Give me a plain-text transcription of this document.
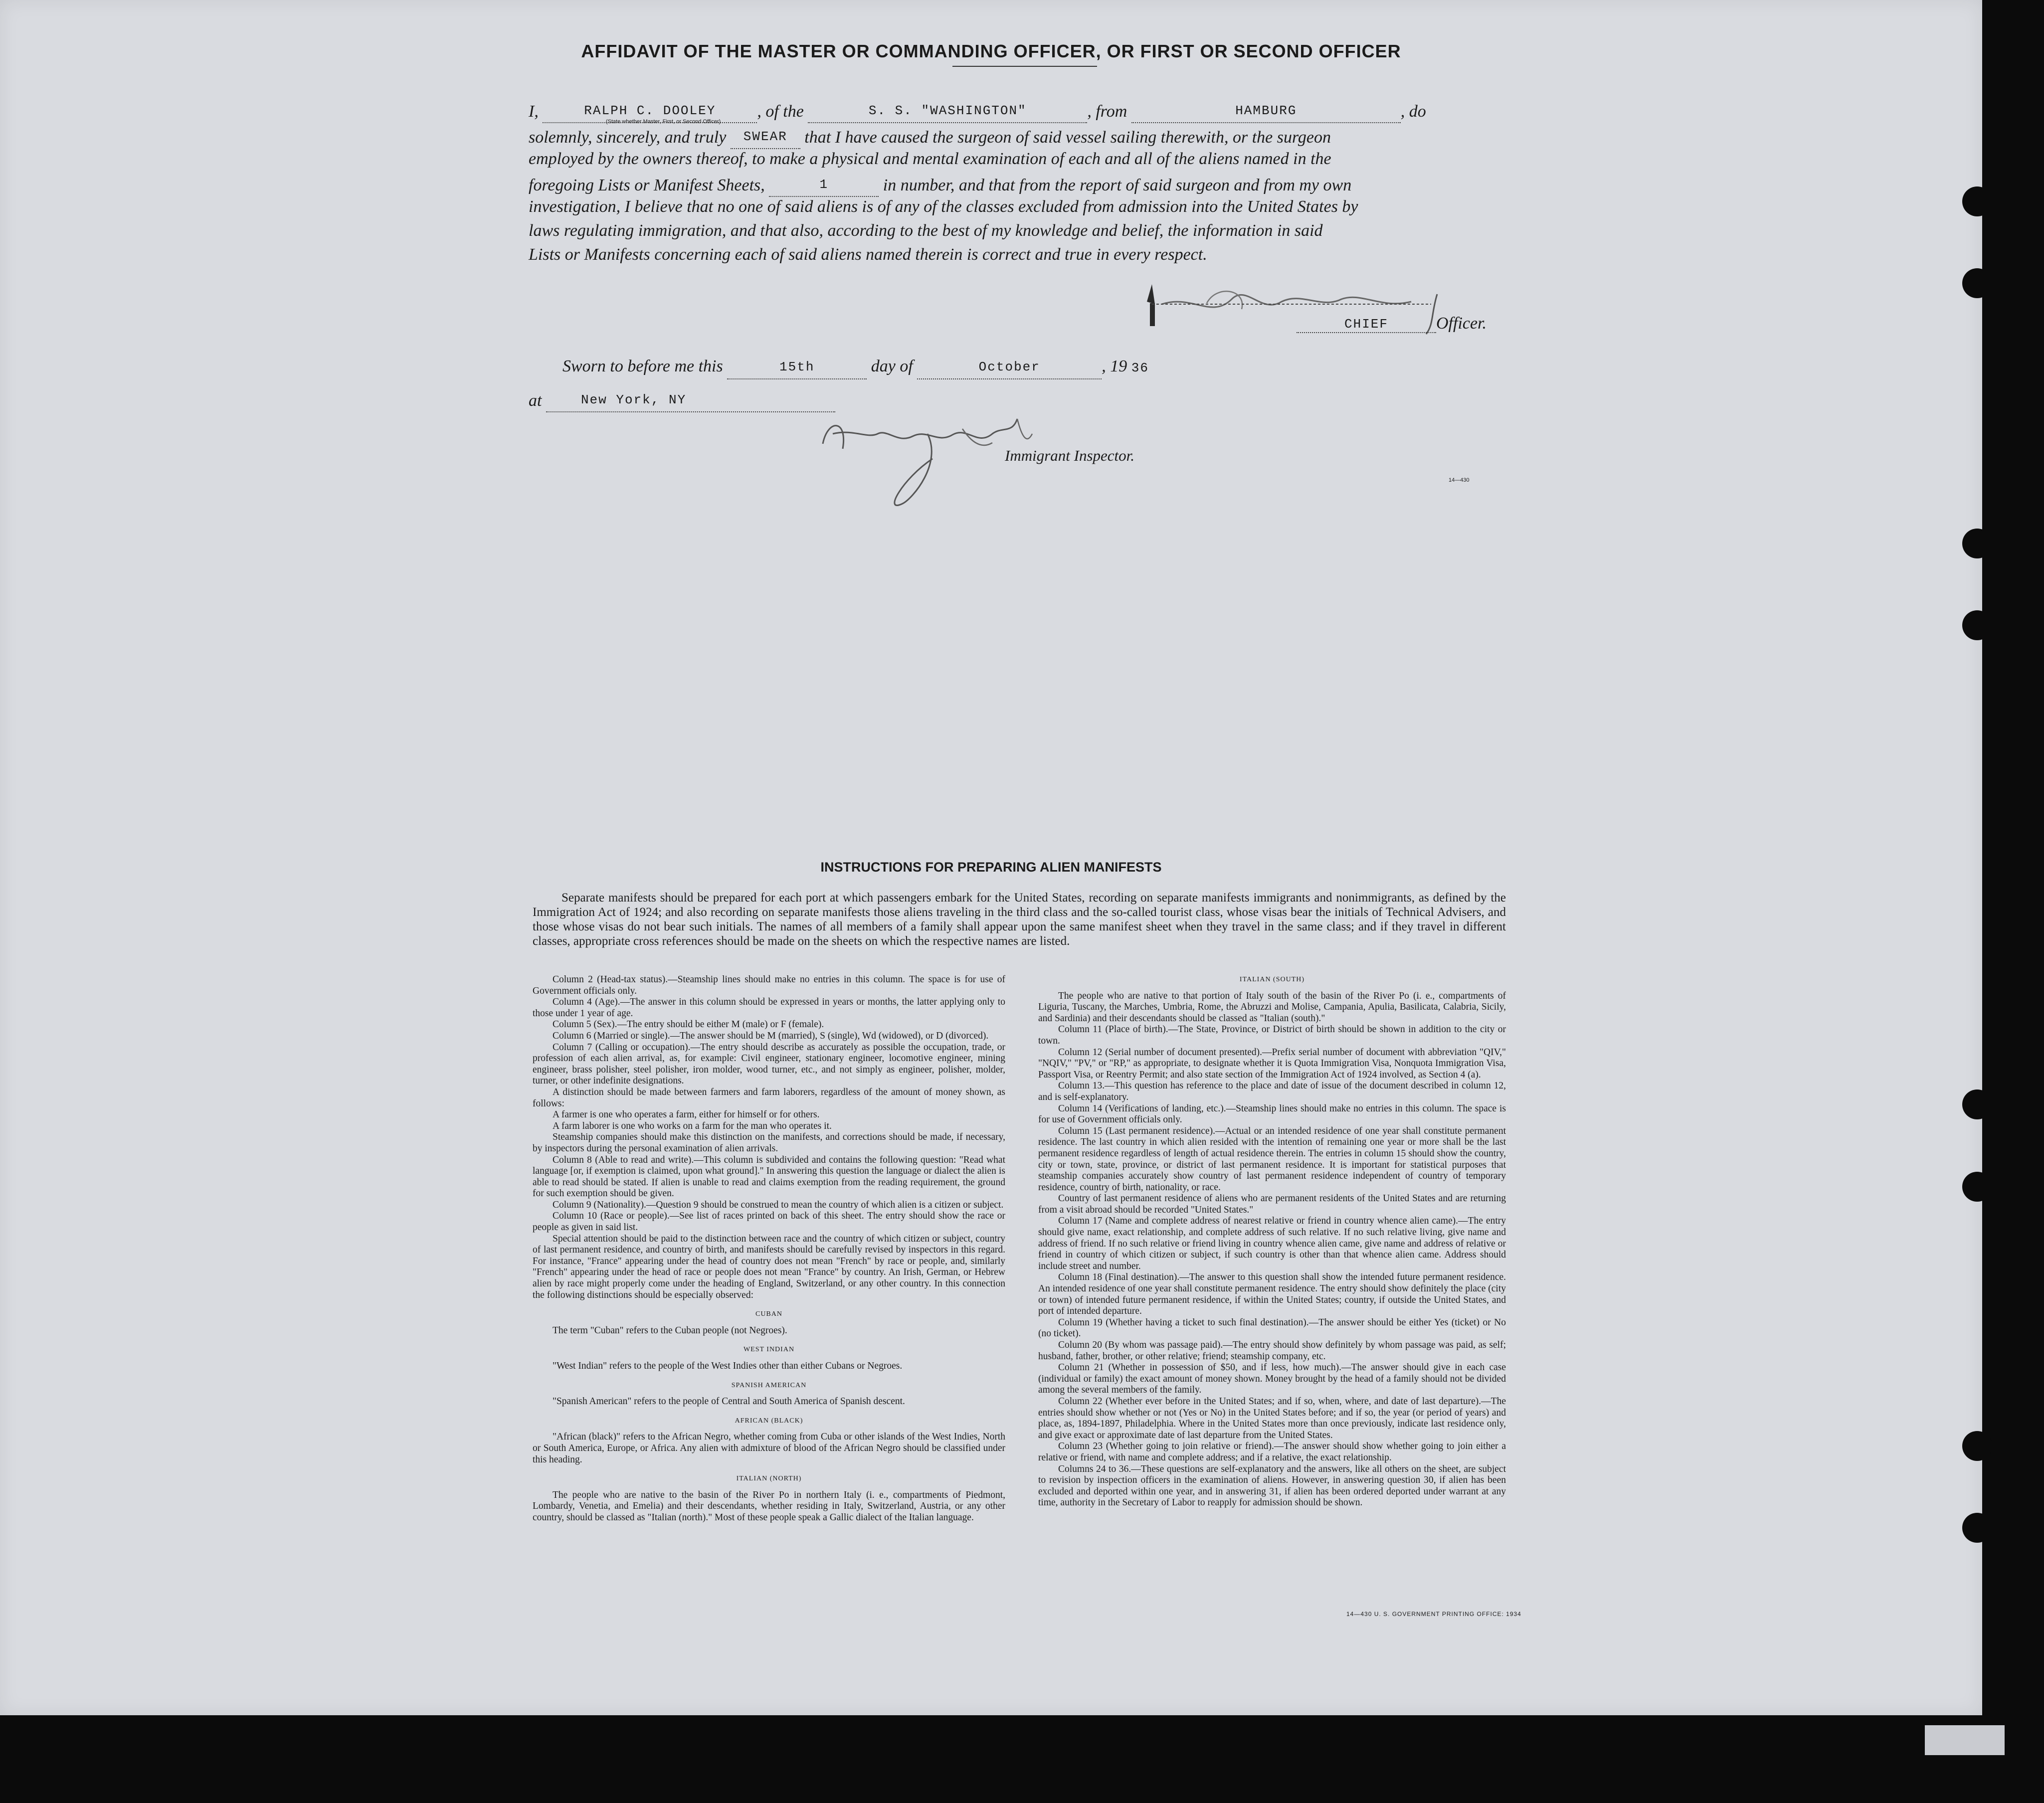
AFFIDAVIT OF THE MASTER OR COMMANDING OFFICER, OR FIRST OR SECOND OFFICER
I,	RALPH C. DOOLEY , of the	S. S. "WASHINGTON"	, from	HAMBURG	, do
(State whether Master, First, or Second Officer)
solemnly, sincerely, and truly SWEAR that I have caused the surgeon of said vessel sailing therewith, or the surgeon
employed by the owners thereof, to make a physical and mental examination of each and all of the aliens named in the
foregoing Lists or Manifest Sheets,	1	in number, and that from the report of said surgeon and from my own
investigation, I believe that no one of said aliens is of any of the classes excluded from admission into the United States by
laws regulating immigration, and that also, according to the best of my knowledge and belief, the information in said
Lists or Manifests concerning each of said aliens named therein is correct and true in every respect.
CHIEF	Officer.
Sworn to before me this	15th	day of	October	, 19 36
at	New York, NY
Immigrant Inspector.
14—430
INSTRUCTIONS FOR PREPARING ALIEN MANIFESTS
Separate manifests should be prepared for each port at which passengers embark for the United States, recording on separate manifests immigrants and nonimmigrants, as defined by the Immigration Act of 1924; and also recording on separate manifests those aliens traveling in the third class and the so-called tourist class, whose visas bear the initials of Technical Advisers, and those whose visas do not bear such initials. The names of all members of a family shall appear upon the same manifest sheet when they travel in the same class; and if they travel in different classes, appropriate cross references should be made on the sheets on which the respective names are listed.

Column 2 (Head-tax status).—Steamship lines should make no entries in this column. The space is for use of Government officials only.

Column 4 (Age).—The answer in this column should be expressed in years or months, the latter applying only to those under 1 year of age.

Column 5 (Sex).—The entry should be either M (male) or F (female).

Column 6 (Married or single).—The answer should be M (married), S (single), Wd (widowed), or D (divorced).

Column 7 (Calling or occupation).—The entry should describe as accurately as possible the occupation, trade, or profession of each alien arrival, as, for example: Civil engineer, stationary engineer, locomotive engineer, mining engineer, brass polisher, steel polisher, iron molder, wood turner, etc., and not simply as engineer, polisher, molder, turner, or other indefinite designations.

A distinction should be made between farmers and farm laborers, regardless of the amount of money shown, as follows:

A farmer is one who operates a farm, either for himself or for others.

A farm laborer is one who works on a farm for the man who operates it.

Steamship companies should make this distinction on the manifests, and corrections should be made, if necessary, by inspectors during the personal examination of alien arrivals.

Column 8 (Able to read and write).—This column is subdivided and contains the following question: "Read what language [or, if exemption is claimed, upon what ground]." In answering this question the language or dialect the alien is able to read should be stated. If alien is unable to read and claims exemption from the reading requirement, the ground for such exemption should be given.

Column 9 (Nationality).—Question 9 should be construed to mean the country of which alien is a citizen or subject.

Column 10 (Race or people).—See list of races printed on back of this sheet. The entry should show the race or people as given in said list.

Special attention should be paid to the distinction between race and the country of which citizen or subject, country of last permanent residence, and country of birth, and manifests should be carefully revised by inspectors in this regard. For instance, "France" appearing under the head of country does not mean "French" by race or people, and, similarly "French" appearing under the head of race or people does not mean "France" by country. An Irish, German, or Hebrew alien by race might properly come under the heading of England, Switzerland, or any other country. In this connection the following distinctions should be especially observed:

CUBAN

The term "Cuban" refers to the Cuban people (not Negroes).

WEST INDIAN

"West Indian" refers to the people of the West Indies other than either Cubans or Negroes.

SPANISH AMERICAN

"Spanish American" refers to the people of Central and South America of Spanish descent.

AFRICAN (BLACK)

"African (black)" refers to the African Negro, whether coming from Cuba or other islands of the West Indies, North or South America, Europe, or Africa. Any alien with admixture of blood of the African Negro should be classified under this heading.

ITALIAN (NORTH)

The people who are native to the basin of the River Po in northern Italy (i. e., compartments of Piedmont, Lombardy, Venetia, and Emelia) and their descendants, whether residing in Italy, Switzerland, Austria, or any other country, should be classed as "Italian (north)." Most of these people speak a Gallic dialect of the Italian language.

ITALIAN (SOUTH)

The people who are native to that portion of Italy south of the basin of the River Po (i. e., compartments of Liguria, Tuscany, the Marches, Umbria, Rome, the Abruzzi and Molise, Campania, Apulia, Basilicata, Calabria, Sicily, and Sardinia) and their descendants should be classed as "Italian (south)."

Column 11 (Place of birth).—The State, Province, or District of birth should be shown in addition to the city or town.

Column 12 (Serial number of document presented).—Prefix serial number of document with abbreviation "QIV," "NQIV," "PV," or "RP," as appropriate, to designate whether it is Quota Immigration Visa, Nonquota Immigration Visa, Passport Visa, or Reentry Permit; and also state section of the Immigration Act of 1924 involved, as Section 4 (a).

Column 13.—This question has reference to the place and date of issue of the document described in column 12, and is self-explanatory.

Column 14 (Verifications of landing, etc.).—Steamship lines should make no entries in this column. The space is for use of Government officials only.

Column 15 (Last permanent residence).—Actual or an intended residence of one year shall constitute permanent residence. The last country in which alien resided with the intention of remaining one year or more shall be the last permanent residence regardless of length of actual residence therein. The entries in column 15 should show the country, city or town, state, province, or district of last permanent residence. It is important for statistical purposes that steamship companies accurately show country of last permanent residence independent of country of temporary residence, country of birth, nationality, or race.

Country of last permanent residence of aliens who are permanent residents of the United States and are returning from a visit abroad should be recorded "United States."

Column 17 (Name and complete address of nearest relative or friend in country whence alien came).—The entry should give name, exact relationship, and complete address of such relative. If no such relative living, give name and address of friend. If no such relative or friend living in country whence alien came, give name and address of relative or friend in country of which citizen or subject, if such country is other than that whence alien came. Address should include street and number.

Column 18 (Final destination).—The answer to this question shall show the intended future permanent residence. An intended residence of one year shall constitute permanent residence. The entry should show definitely the place (city or town) of intended future permanent residence, if within the United States; country, if outside the United States, and port of intended departure.

Column 19 (Whether having a ticket to such final destination).—The answer should be either Yes (ticket) or No (no ticket).

Column 20 (By whom was passage paid).—The entry should show definitely by whom passage was paid, as self; husband, father, brother, or other relative; friend; steamship company, etc.

Column 21 (Whether in possession of $50, and if less, how much).—The answer should give in each case (individual or family) the exact amount of money shown. Money brought by the head of a family should not be divided among the several members of the family.

Column 22 (Whether ever before in the United States; and if so, when, where, and date of last departure).—The entries should show whether or not (Yes or No) in the United States before; and if so, the year (or period of years) and place, as, 1894-1897, Philadelphia. Where in the United States more than once previously, indicate last residence only, and give exact or approximate date of last departure from the United States.

Column 23 (Whether going to join relative or friend).—The answer should show whether going to join either a relative or friend, with name and complete address; and if a relative, the exact relationship.

Columns 24 to 36.—These questions are self-explanatory and the answers, like all others on the sheet, are subject to revision by inspection officers in the examination of aliens. However, in answering question 30, if alien has been excluded and deported within one year, and in answering 31, if alien has been ordered deported under warrant at any time, authority in the Secretary of Labor to reapply for admission should be shown.

14—430 U. S. GOVERNMENT PRINTING OFFICE: 1934
